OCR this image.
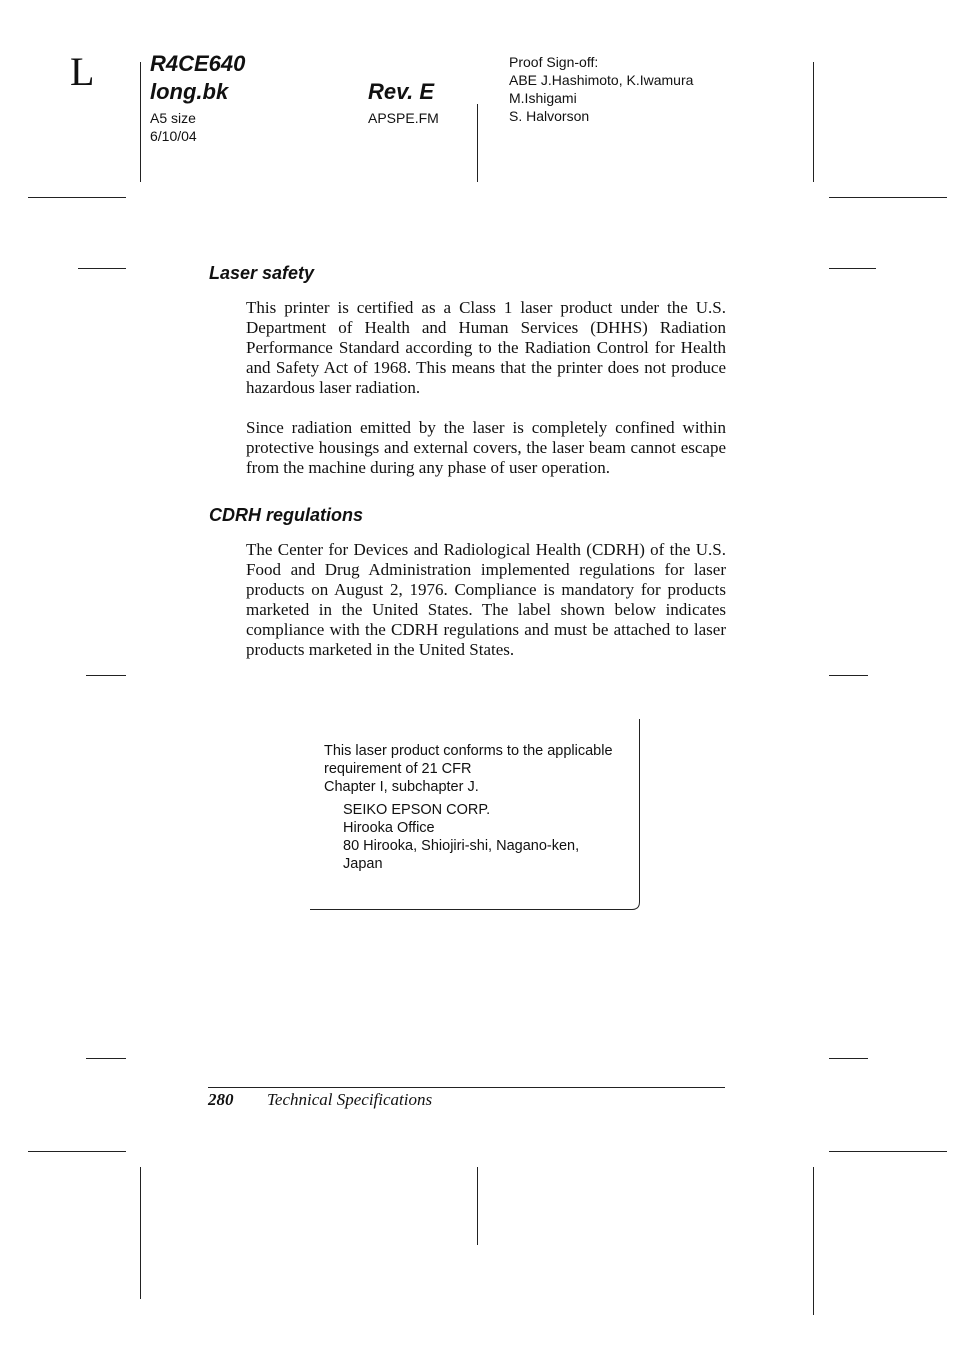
L	R4CE640
long.bk
A5 size
6/10/04
Rev. E
APSPE.FM
Proof Sign-off:
ABE J.Hashimoto, K.Iwamura
M.Ishigami
S. Halvorson
Laser safety

This printer is certified as a Class 1 laser product under the U.S. Department of Health and Human Services (DHHS) Radiation Performance Standard according to the Radiation Control for Health and Safety Act of 1968. This means that the printer does not produce hazardous laser radiation.

Since radiation emitted by the laser is completely confined within protective housings and external covers, the laser beam cannot escape from the machine during any phase of user operation.

CDRH regulations

The Center for Devices and Radiological Health (CDRH) of the U.S. Food and Drug Administration implemented regulations for laser products on August 2, 1976. Compliance is mandatory for products marketed in the United States. The label shown below indicates compliance with the CDRH regulations and must be attached to laser products marketed in the United States.

This laser product conforms to the applicable
requirement of 21 CFR
Chapter I, subchapter J.
SEIKO EPSON CORP.
Hirooka Office
80 Hirooka, Shiojiri-shi, Nagano-ken,
Japan
280 Technical Specifications
